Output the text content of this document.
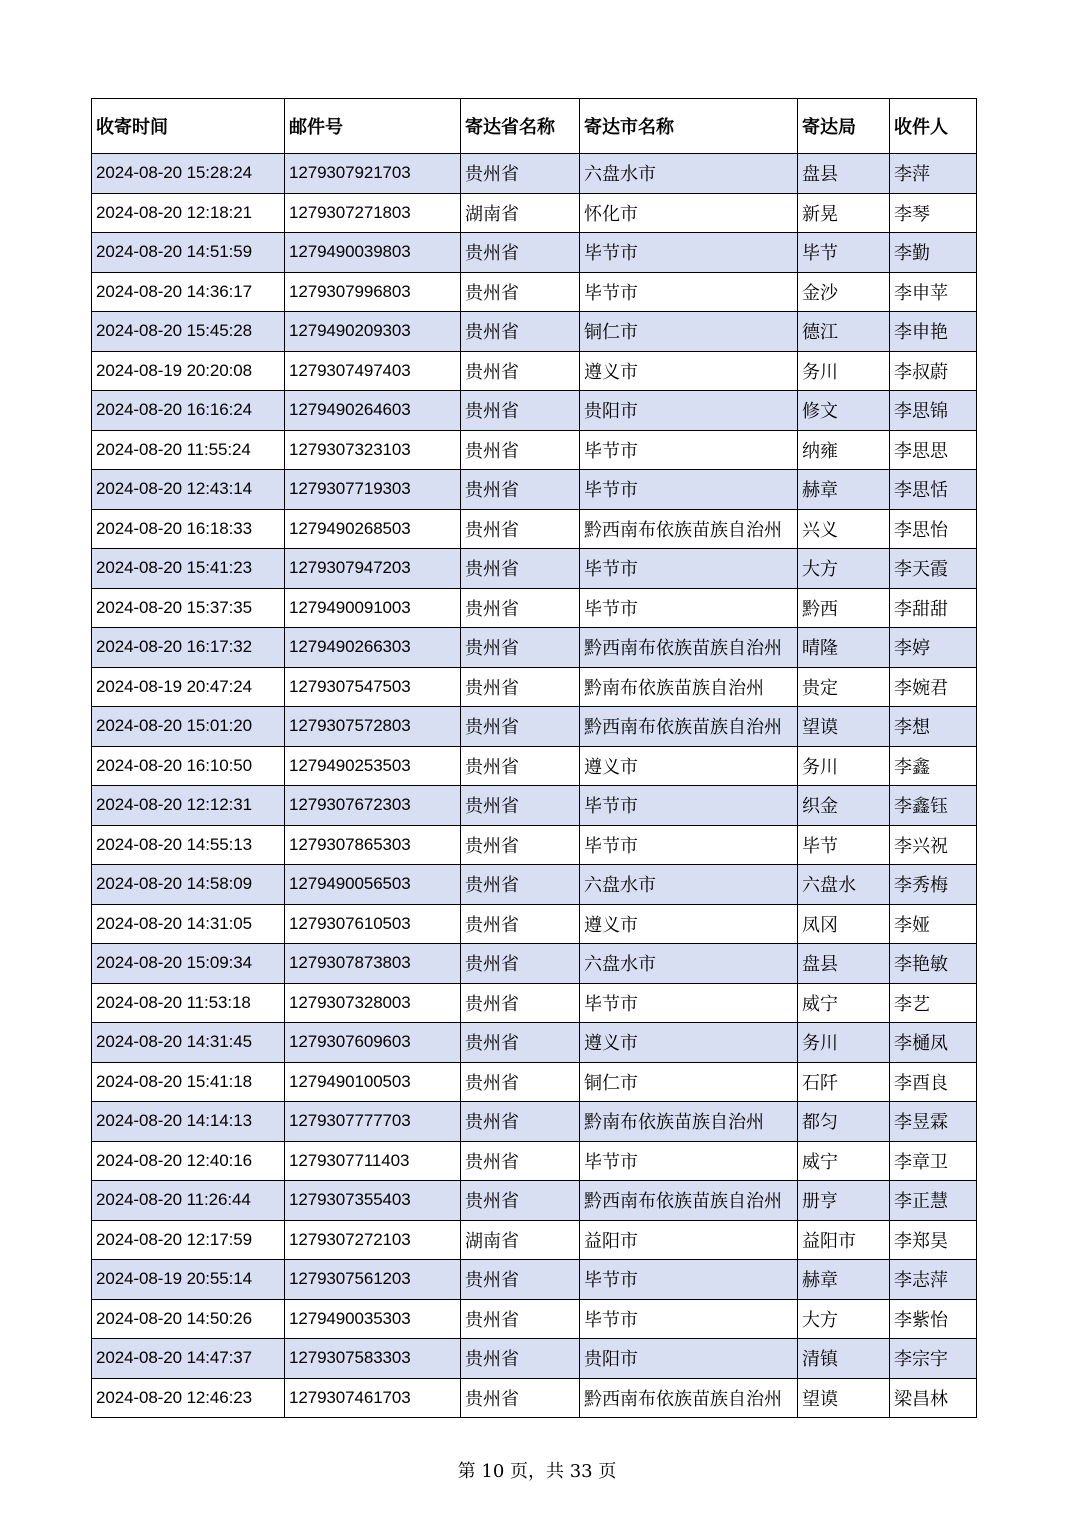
收寄时间	邮件号	寄达省名称	寄达市名称	寄达局	收件人
2024-08-20 15:28:24	1279307921703	贵州省	六盘水市	盘县	李萍
2024-08-20 12:18:21	1279307271803	湖南省	怀化市	新晃	李琴
2024-08-20 14:51:59	1279490039803	贵州省	毕节市	毕节	李勤
2024-08-20 14:36:17	1279307996803	贵州省	毕节市	金沙	李申苹
2024-08-20 15:45:28	1279490209303	贵州省	铜仁市	德江	李申艳
2024-08-19 20:20:08	1279307497403	贵州省	遵义市	务川	李叔蔚
2024-08-20 16:16:24	1279490264603	贵州省	贵阳市	修文	李思锦
2024-08-20 11:55:24	1279307323103	贵州省	毕节市	纳雍	李思思
2024-08-20 12:43:14	1279307719303	贵州省	毕节市	赫章	李思恬
2024-08-20 16:18:33	1279490268503	贵州省	黔西南布依族苗族自治州	兴义	李思怡
2024-08-20 15:41:23	1279307947203	贵州省	毕节市	大方	李天霞
2024-08-20 15:37:35	1279490091003	贵州省	毕节市	黔西	李甜甜
2024-08-20 16:17:32	1279490266303	贵州省	黔西南布依族苗族自治州	晴隆	李婷
2024-08-19 20:47:24	1279307547503	贵州省	黔南布依族苗族自治州	贵定	李婉君
2024-08-20 15:01:20	1279307572803	贵州省	黔西南布依族苗族自治州	望谟	李想
2024-08-20 16:10:50	1279490253503	贵州省	遵义市	务川	李鑫
2024-08-20 12:12:31	1279307672303	贵州省	毕节市	织金	李鑫钰
2024-08-20 14:55:13	1279307865303	贵州省	毕节市	毕节	李兴祝
2024-08-20 14:58:09	1279490056503	贵州省	六盘水市	六盘水	李秀梅
2024-08-20 14:31:05	1279307610503	贵州省	遵义市	凤冈	李娅
2024-08-20 15:09:34	1279307873803	贵州省	六盘水市	盘县	李艳敏
2024-08-20 11:53:18	1279307328003	贵州省	毕节市	威宁	李艺
2024-08-20 14:31:45	1279307609603	贵州省	遵义市	务川	李樋凤
2024-08-20 15:41:18	1279490100503	贵州省	铜仁市	石阡	李酉良
2024-08-20 14:14:13	1279307777703	贵州省	黔南布依族苗族自治州	都匀	李昱霖
2024-08-20 12:40:16	1279307711403	贵州省	毕节市	威宁	李章卫
2024-08-20 11:26:44	1279307355403	贵州省	黔西南布依族苗族自治州	册亨	李正慧
2024-08-20 12:17:59	1279307272103	湖南省	益阳市	益阳市	李郑昊
2024-08-19 20:55:14	1279307561203	贵州省	毕节市	赫章	李志萍
2024-08-20 14:50:26	1279490035303	贵州省	毕节市	大方	李紫怡
2024-08-20 14:47:37	1279307583303	贵州省	贵阳市	清镇	李宗宇
2024-08-20 12:46:23	1279307461703	贵州省	黔西南布依族苗族自治州	望谟	梁昌林
第 10 页，共 33 页
